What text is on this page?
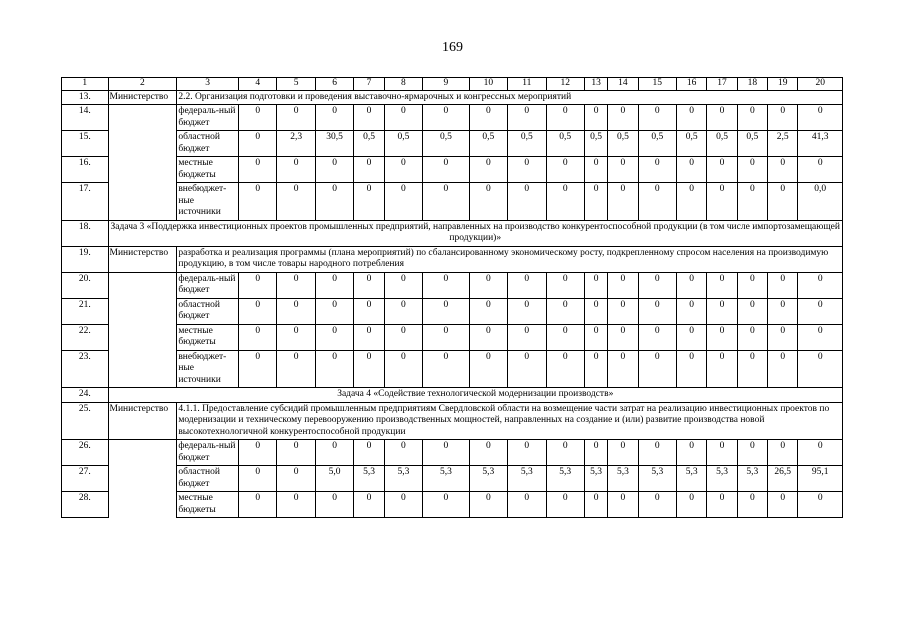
169
1	2	3	4	5	6	7	8	9	10	11	12	13	14	15	16	17	18	19	20
13.	Министерство	2.2. Организация подготовки и проведения выставочно-ярмарочных и конгрессных мероприятий																	
14.		федераль-ный бюджет	0	0	0	0	0	0	0	0	0	0	0	0	0	0	0	0	0
15.		областной бюджет	0	2,3	30,5	0,5	0,5	0,5	0,5	0,5	0,5	0,5	0,5	0,5	0,5	0,5	0,5	2,5	41,3
16.		местные бюджеты	0	0	0	0	0	0	0	0	0	0	0	0	0	0	0	0	0
17.		внебюджет-ные источники	0	0	0	0	0	0	0	0	0	0	0	0	0	0	0	0	0,0
18.	Задача 3 «Поддержка инвестиционных проектов промышленных предприятий, направленных на производство конкурентоспособной продукции (в том числе импортозамещающей продукции)»																		
19.	Министерство	разработка и реализация программы (плана мероприятий) по сбалансированному экономическому росту, подкрепленному спросом населения на производимую продукцию, в том числе товары народного потребления																	
20.		федераль-ный бюджет	0	0	0	0	0	0	0	0	0	0	0	0	0	0	0	0	0
21.		областной бюджет	0	0	0	0	0	0	0	0	0	0	0	0	0	0	0	0	0
22.		местные бюджеты	0	0	0	0	0	0	0	0	0	0	0	0	0	0	0	0	0
23.		внебюджет-ные источники	0	0	0	0	0	0	0	0	0	0	0	0	0	0	0	0	0
24.	Задача 4 «Содействие технологической модернизации производств»																		
25.	Министерство	4.1.1. Предоставление субсидий промышленным предприятиям Свердловской области на возмещение части затрат на реализацию инвестиционных проектов по модернизации и техническому перевооружению производственных мощностей, направленных на создание и (или) развитие производства новой высокотехнологичной конкурентоспособной продукции																	
26.		федераль-ный бюджет	0	0	0	0	0	0	0	0	0	0	0	0	0	0	0	0	0
27.		областной бюджет	0	0	5,0	5,3	5,3	5,3	5,3	5,3	5,3	5,3	5,3	5,3	5,3	5,3	5,3	26,5	95,1
28.		местные бюджеты	0	0	0	0	0	0	0	0	0	0	0	0	0	0	0	0	0
